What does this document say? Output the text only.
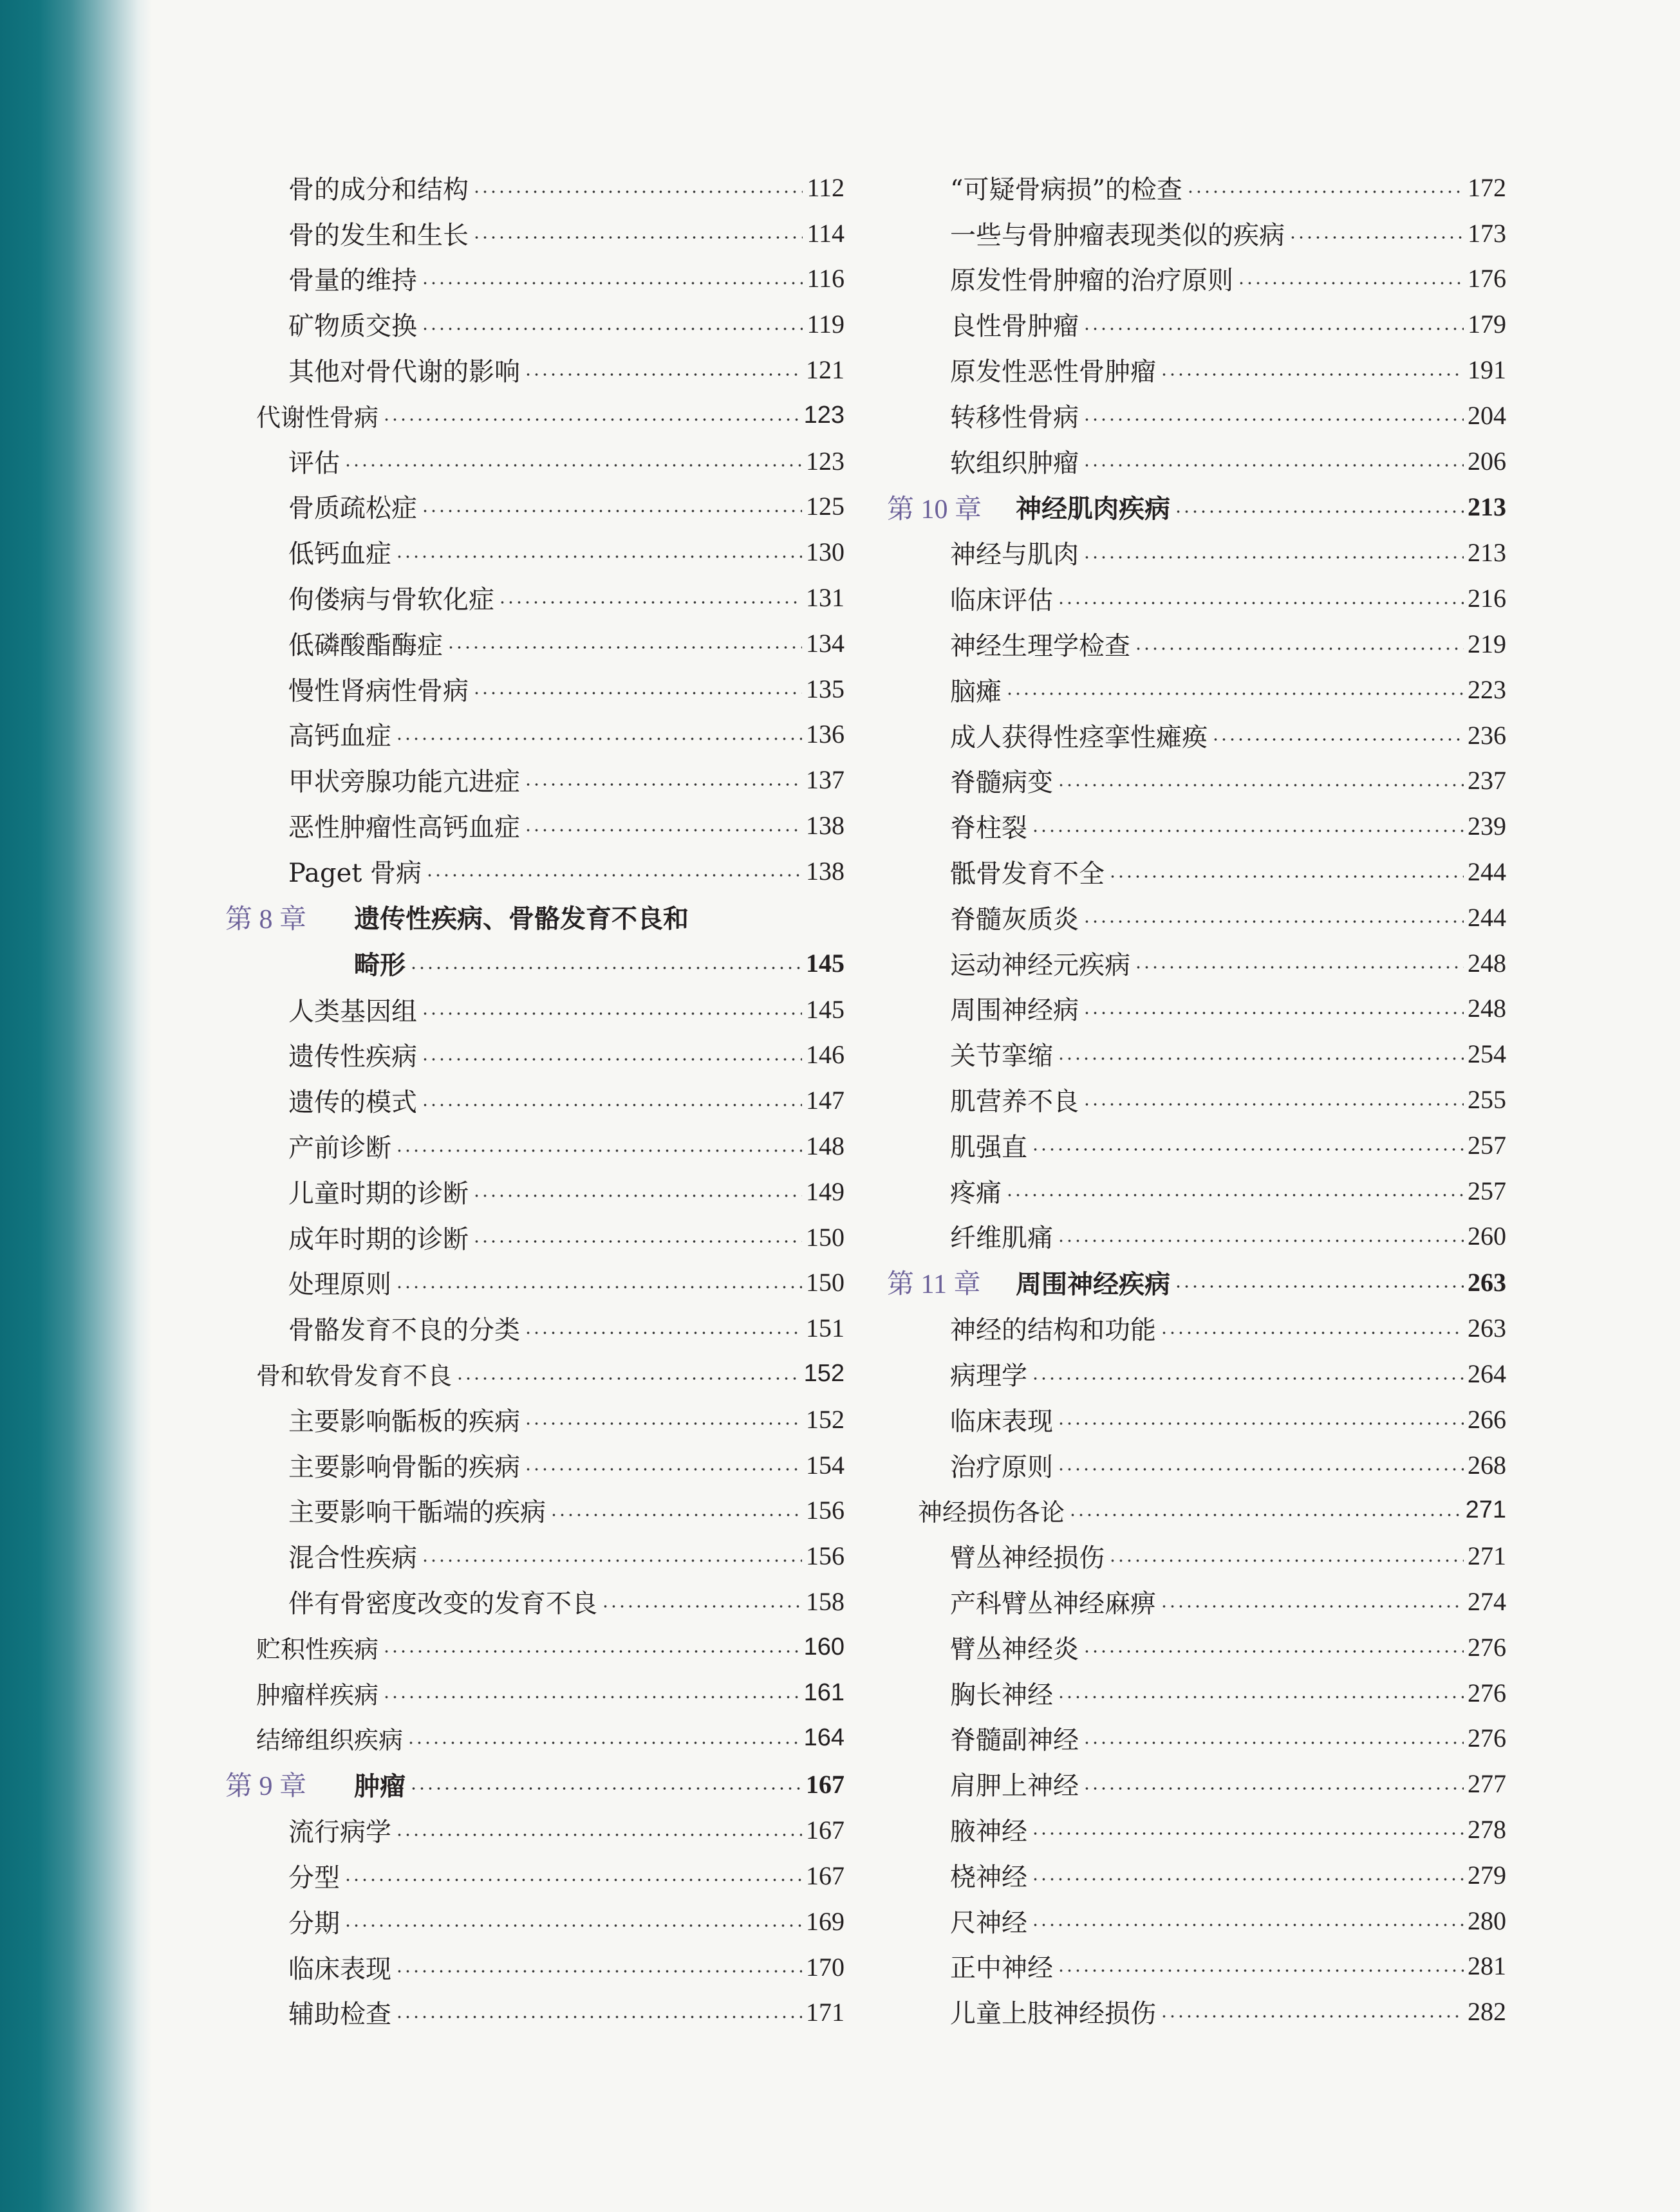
骨的成分和结构	112
骨的发生和生长	114
骨量的维持	116
矿物质交换	119
其他对骨代谢的影响	121
代谢性骨病	123
评估	123
骨质疏松症	125
低钙血症	130
佝偻病与骨软化症	131
低磷酸酯酶症	134
慢性肾病性骨病	135
高钙血症	136
甲状旁腺功能亢进症	137
恶性肿瘤性高钙血症	138
Paget 骨病	138
第 8 章	遗传性疾病、骨骼发育不良和
畸形	145
人类基因组	145
遗传性疾病	146
遗传的模式	147
产前诊断	148
儿童时期的诊断	149
成年时期的诊断	150
处理原则	150
骨骼发育不良的分类	151
骨和软骨发育不良	152
主要影响骺板的疾病	152
主要影响骨骺的疾病	154
主要影响干骺端的疾病	156
混合性疾病	156
伴有骨密度改变的发育不良	158
贮积性疾病	160
肿瘤样疾病	161
结缔组织疾病	164
第 9 章	肿瘤	167
流行病学	167
分型	167
分期	169
临床表现	170
辅助检查	171
“可疑骨病损”的检查	172
一些与骨肿瘤表现类似的疾病	173
原发性骨肿瘤的治疗原则	176
良性骨肿瘤	179
原发性恶性骨肿瘤	191
转移性骨病	204
软组织肿瘤	206
第 10 章	神经肌肉疾病	213
神经与肌肉	213
临床评估	216
神经生理学检查	219
脑瘫	223
成人获得性痉挛性瘫痪	236
脊髓病变	237
脊柱裂	239
骶骨发育不全	244
脊髓灰质炎	244
运动神经元疾病	248
周围神经病	248
关节挛缩	254
肌营养不良	255
肌强直	257
疼痛	257
纤维肌痛	260
第 11 章	周围神经疾病	263
神经的结构和功能	263
病理学	264
临床表现	266
治疗原则	268
神经损伤各论	271
臂丛神经损伤	271
产科臂丛神经麻痹	274
臂丛神经炎	276
胸长神经	276
脊髓副神经	276
肩胛上神经	277
腋神经	278
桡神经	279
尺神经	280
正中神经	281
儿童上肢神经损伤	282
